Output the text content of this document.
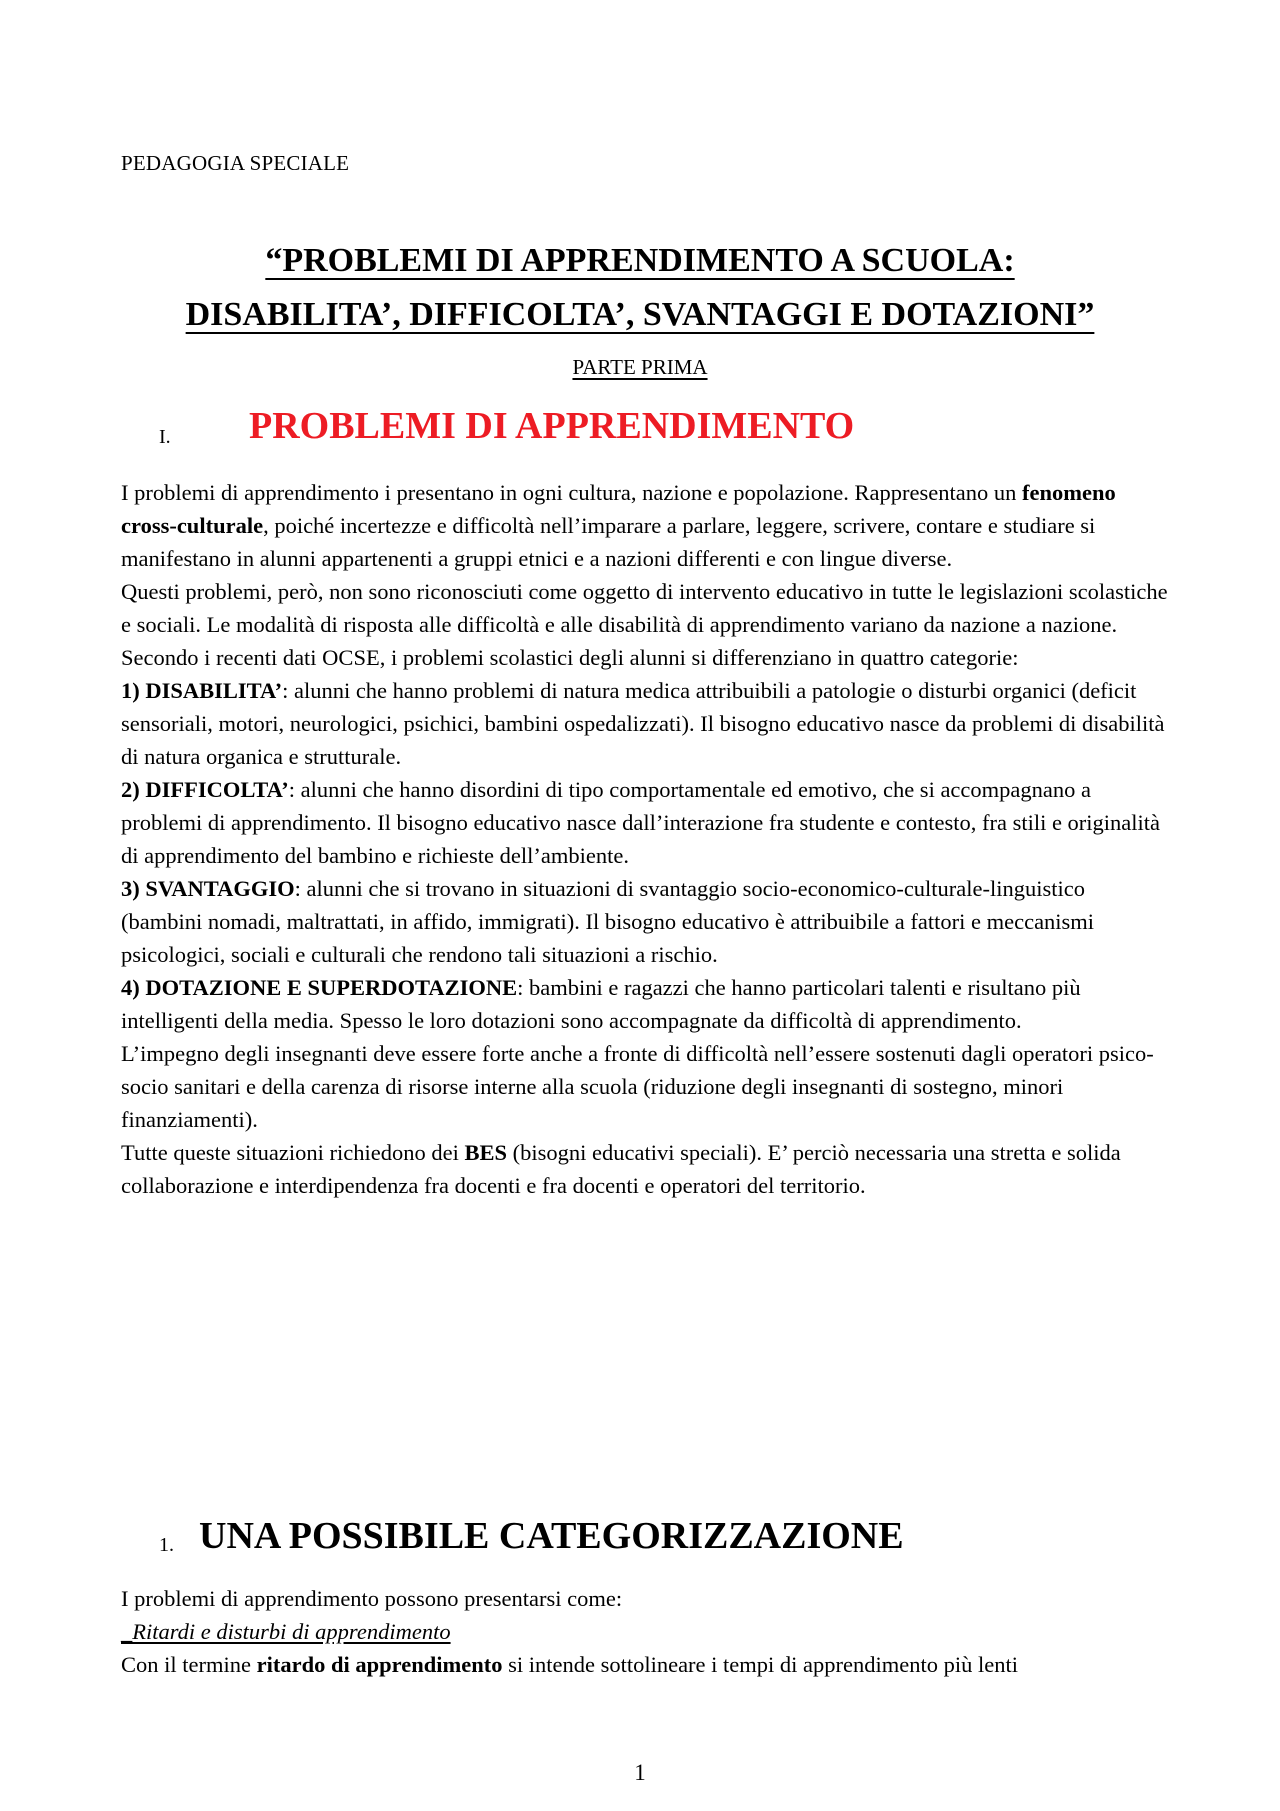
PEDAGOGIA SPECIALE
“PROBLEMI DI APPRENDIMENTO A SCUOLA:
DISABILITA’, DIFFICOLTA’, SVANTAGGI E DOTAZIONI”
PARTE PRIMA
I. PROBLEMI DI APPRENDIMENTO

I problemi di apprendimento i presentano in ogni cultura, nazione e popolazione. Rappresentano un fenomeno cross-culturale, poiché incertezze e difficoltà nell’imparare a parlare, leggere, scrivere, contare e studiare si manifestano in alunni appartenenti a gruppi etnici e a nazioni differenti e con lingue diverse.

Questi problemi, però, non sono riconosciuti come oggetto di intervento educativo in tutte le legislazioni scolastiche e sociali. Le modalità di risposta alle difficoltà e alle disabilità di apprendimento variano da nazione a nazione.

Secondo i recenti dati OCSE, i problemi scolastici degli alunni si differenziano in quattro categorie:

1) DISABILITA’: alunni che hanno problemi di natura medica attribuibili a patologie o disturbi organici (deficit sensoriali, motori, neurologici, psichici, bambini ospedalizzati). Il bisogno educativo nasce da problemi di disabilità di natura organica e strutturale.

2) DIFFICOLTA’: alunni che hanno disordini di tipo comportamentale ed emotivo, che si accompagnano a problemi di apprendimento. Il bisogno educativo nasce dall’interazione fra studente e contesto, fra stili e originalità di apprendimento del bambino e richieste dell’ambiente.

3) SVANTAGGIO: alunni che si trovano in situazioni di svantaggio socio-economico-culturale-linguistico (bambini nomadi, maltrattati, in affido, immigrati). Il bisogno educativo è attribuibile a fattori e meccanismi psicologici, sociali e culturali che rendono tali situazioni a rischio.

4) DOTAZIONE E SUPERDOTAZIONE: bambini e ragazzi che hanno particolari talenti e risultano più intelligenti della media. Spesso le loro dotazioni sono accompagnate da difficoltà di apprendimento.

L’impegno degli insegnanti deve essere forte anche a fronte di difficoltà nell’essere sostenuti dagli operatori psico-socio sanitari e della carenza di risorse interne alla scuola (riduzione degli insegnanti di sostegno, minori finanziamenti).

Tutte queste situazioni richiedono dei BES (bisogni educativi speciali). E’ perciò necessaria una stretta e solida collaborazione e interdipendenza fra docenti e fra docenti e operatori del territorio.

1. UNA POSSIBILE CATEGORIZZAZIONE

I problemi di apprendimento possono presentarsi come:

_Ritardi e disturbi di apprendimento

Con il termine ritardo di apprendimento si intende sottolineare i tempi di apprendimento più lenti

1
